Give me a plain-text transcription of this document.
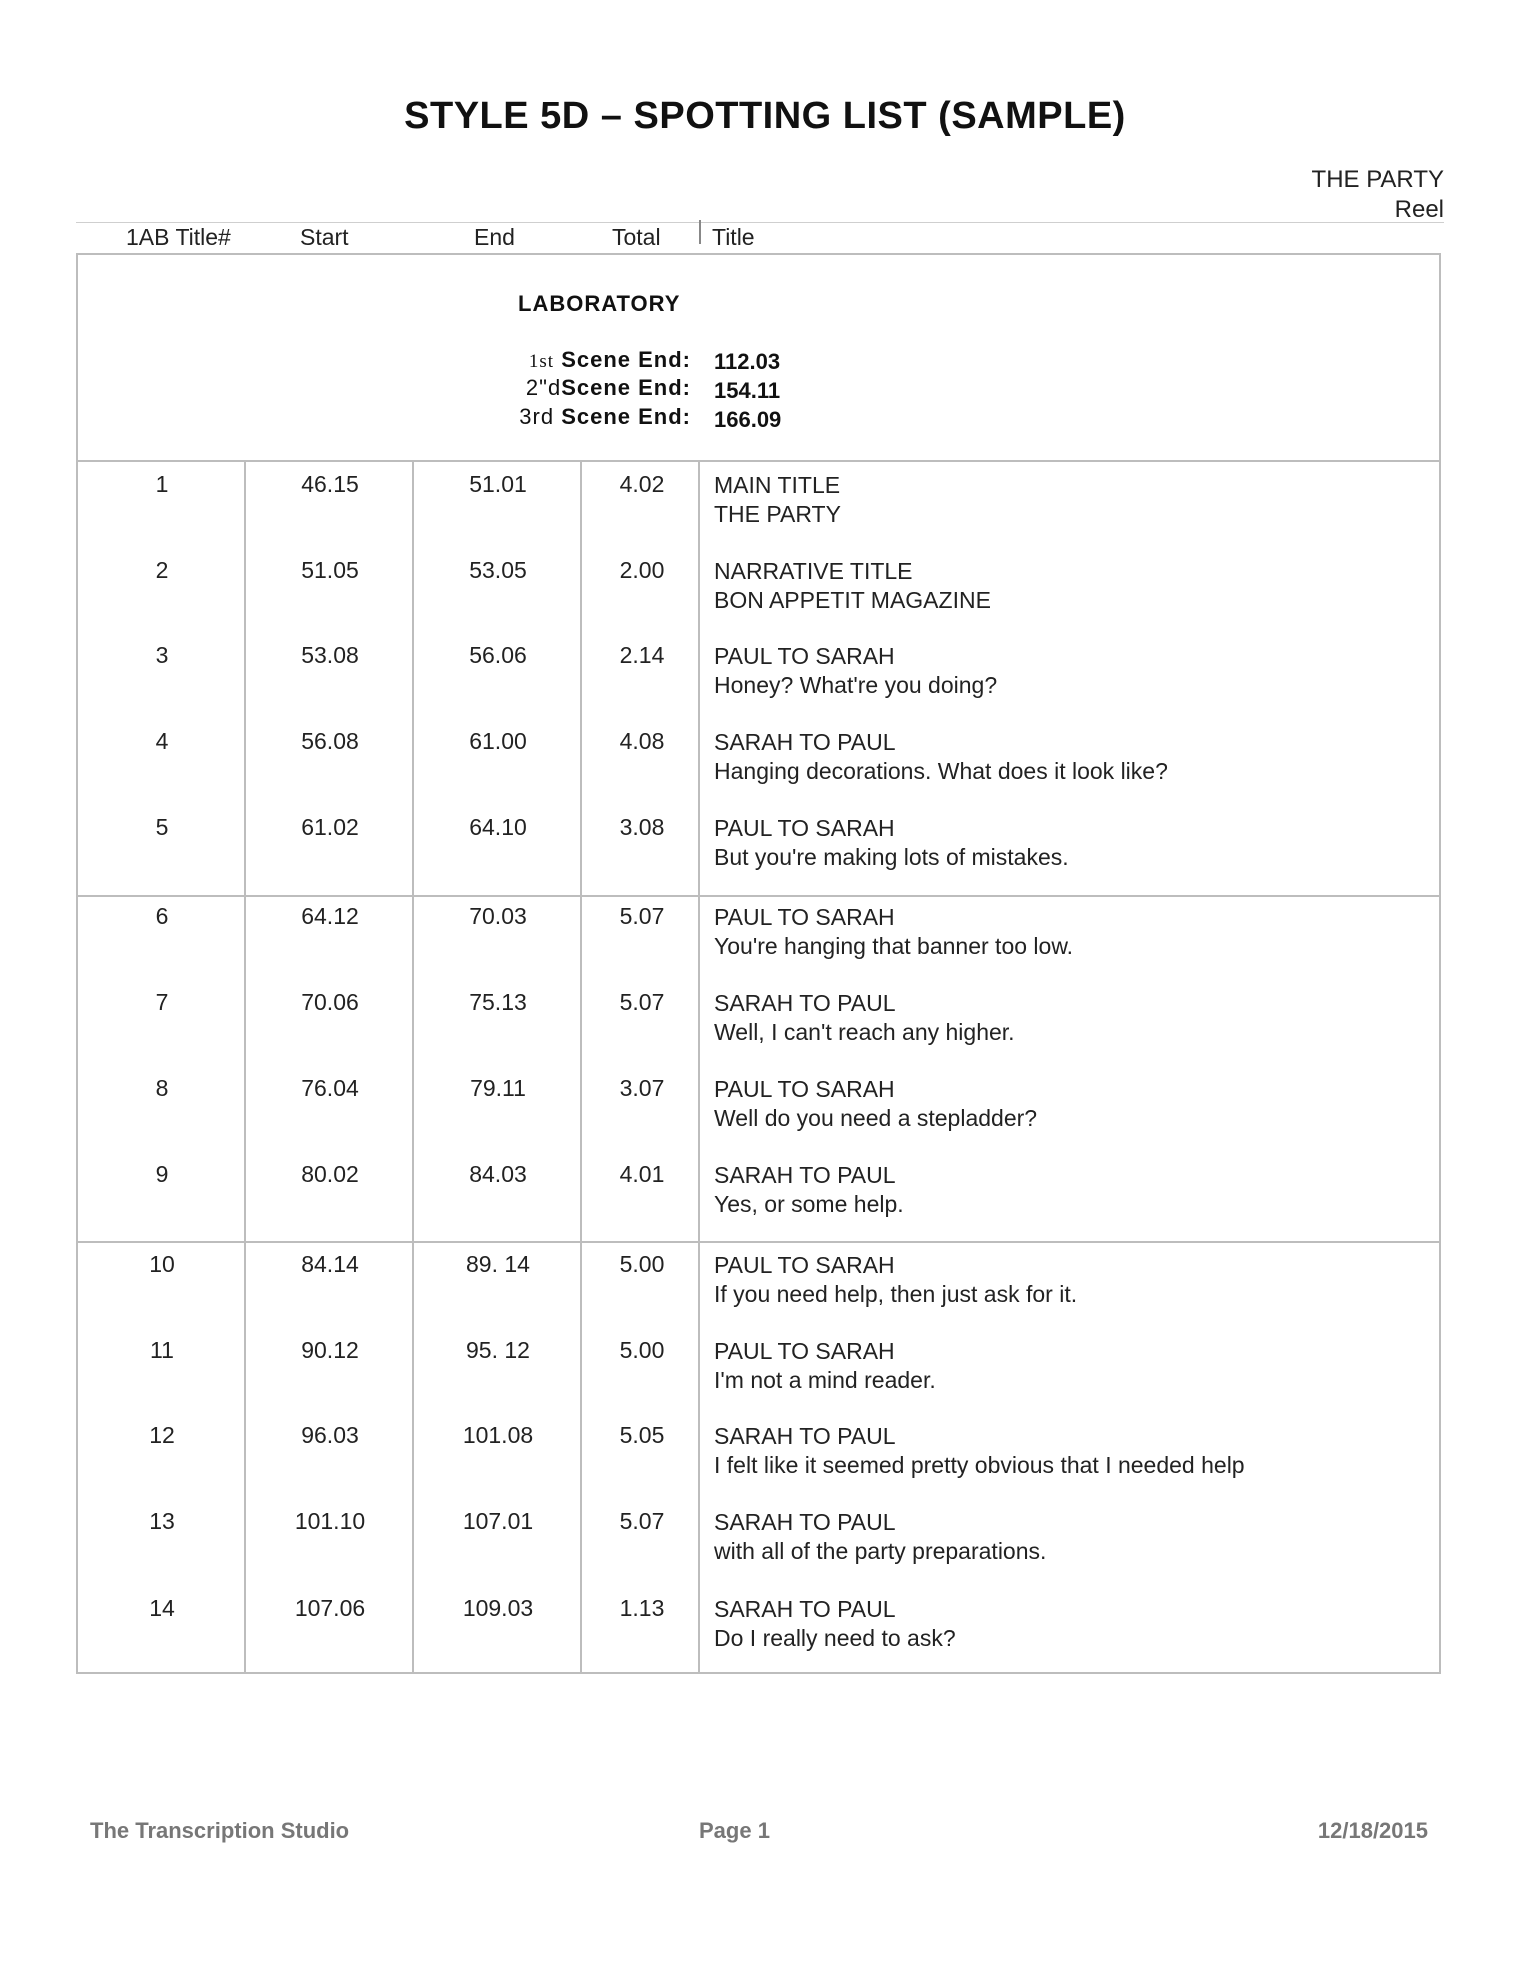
STYLE 5D – SPOTTING LIST (SAMPLE)
THE PARTY
Reel
1AB Title#	Start	End	Total Title
LABORATORY
1st Scene End: 112.03
2"dScene End: 154.11
3rd Scene End: 166.09
1	46.15	51.01	4.02	MAIN TITLE
THE PARTY
2	51.05	53.05	2.00	NARRATIVE TITLE
BON APPETIT MAGAZINE
3	53.08	56.06	2.14	PAUL TO SARAH
Honey? What're you doing?
4	56.08	61.00	4.08	SARAH TO PAUL
Hanging decorations. What does it look like?
5	61.02	64.10	3.08	PAUL TO SARAH
But you're making lots of mistakes.
6	64.12	70.03	5.07	PAUL TO SARAH
You're hanging that banner too low.
7	70.06	75.13	5.07	SARAH TO PAUL
Well, I can't reach any higher.
8	76.04	79.11	3.07	PAUL TO SARAH
Well do you need a stepladder?
9	80.02	84.03	4.01	SARAH TO PAUL
Yes, or some help.
10	84.14	89. 14	5.00	PAUL TO SARAH
If you need help, then just ask for it.
11	90.12	95. 12	5.00	PAUL TO SARAH
I'm not a mind reader.
12	96.03	101.08	5.05	SARAH TO PAUL
I felt like it seemed pretty obvious that I needed help
13	101.10	107.01	5.07	SARAH TO PAUL
with all of the party preparations.
14	107.06	109.03	1.13	SARAH TO PAUL
Do I really need to ask?
The Transcription Studio	Page 1	12/18/2015
